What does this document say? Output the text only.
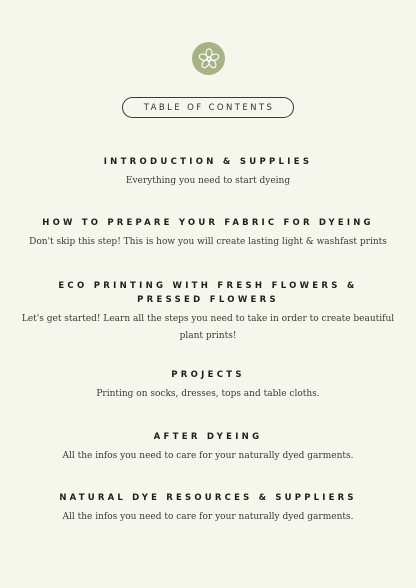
TABLE OF CONTENTS

INTRODUCTION & SUPPLIES

Everything you need to start dyeing

HOW TO PREPARE YOUR FABRIC FOR DYEING

Don't skip this step! This is how you will create lasting light & washfast prints

ECO PRINTING WITH FRESH FLOWERS &

PRESSED FLOWERS

Let's get started! Learn all the steps you need to take in order to create beautiful

plant prints!

PROJECTS

Printing on socks, dresses, tops and table cloths.

AFTER DYEING

All the infos you need to care for your naturally dyed garments.

NATURAL DYE RESOURCES & SUPPLIERS

All the infos you need to care for your naturally dyed garments.
